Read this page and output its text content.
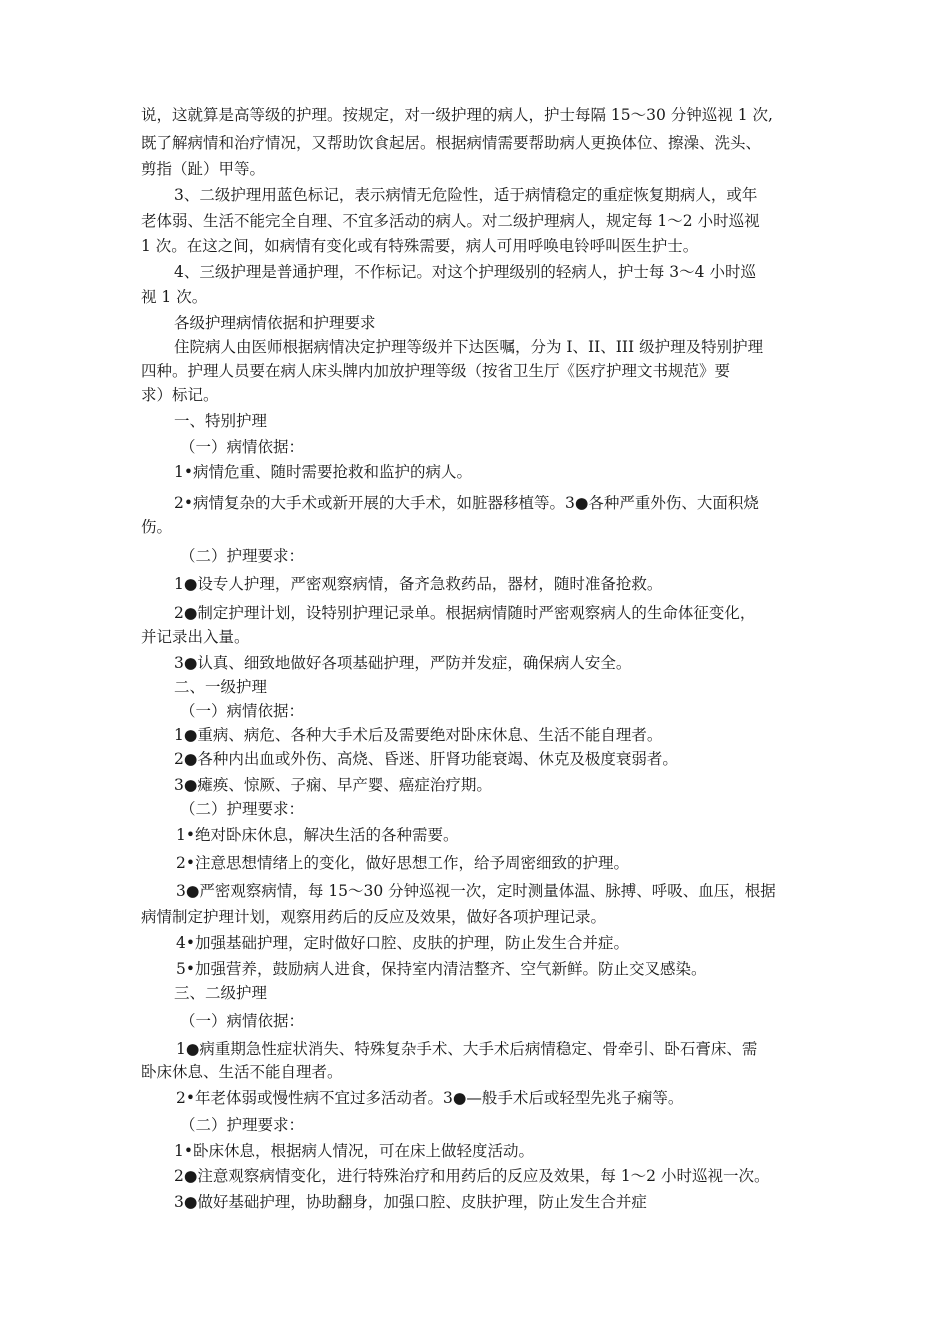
说，这就算是高等级的护理。按规定，对一级护理的病人，护士每隔 15～30 分钟巡视 1 次,
既了解病情和治疗情况，又帮助饮食起居。根据病情需要帮助病人更换体位、擦澡、洗头、
剪指（趾）甲等。
3、二级护理用蓝色标记，表示病情无危险性，适于病情稳定的重症恢复期病人，或年
老体弱、生活不能完全自理、不宜多活动的病人。对二级护理病人，规定每 1～2 小时巡视
1 次。在这之间，如病情有变化或有特殊需要，病人可用呼唤电铃呼叫医生护士。
4、三级护理是普通护理，不作标记。对这个护理级别的轻病人，护士每 3～4 小时巡
视 1 次。
各级护理病情依据和护理要求
住院病人由医师根据病情决定护理等级并下达医嘱，分为 I、II、III 级护理及特别护理
四种。护理人员要在病人床头牌内加放护理等级（按省卫生厅《医疗护理文书规范》要
求）标记。
一、特别护理
（一）病情依据：
1•病情危重、随时需要抢救和监护的病人。
2•病情复杂的大手术或新开展的大手术，如脏器移植等。3●各种严重外伤、大面积烧
伤。
（二）护理要求：
1●设专人护理，严密观察病情，备齐急救药品，器材，随时准备抢救。
2●制定护理计划，设特别护理记录单。根据病情随时严密观察病人的生命体征变化，
并记录出入量。
3●认真、细致地做好各项基础护理，严防并发症，确保病人安全。
二、一级护理
（一）病情依据：
1●重病、病危、各种大手术后及需要绝对卧床休息、生活不能自理者。
2●各种内出血或外伤、高烧、昏迷、肝肾功能衰竭、休克及极度衰弱者。
3●瘫痪、惊厥、子痫、早产婴、癌症治疗期。
（二）护理要求：
1•绝对卧床休息，解决生活的各种需要。
2•注意思想情绪上的变化，做好思想工作，给予周密细致的护理。
3●严密观察病情，每 15～30 分钟巡视一次，定时测量体温、脉搏、呼吸、血压，根据
病情制定护理计划，观察用药后的反应及效果，做好各项护理记录。
4•加强基础护理，定时做好口腔、皮肤的护理，防止发生合并症。
5•加强营养，鼓励病人进食，保持室内清洁整齐、空气新鲜。防止交叉感染。
三、二级护理
（一）病情依据：
1●病重期急性症状消失、特殊复杂手术、大手术后病情稳定、骨牵引、卧石膏床、需
卧床休息、生活不能自理者。
2•年老体弱或慢性病不宜过多活动者。3●—般手术后或轻型先兆子痫等。
（二）护理要求：
1•卧床休息，根据病人情况，可在床上做轻度活动。
2●注意观察病情变化，进行特殊治疗和用药后的反应及效果，每 1～2 小时巡视一次。
3●做好基础护理，协助翻身，加强口腔、皮肤护理，防止发生合并症
